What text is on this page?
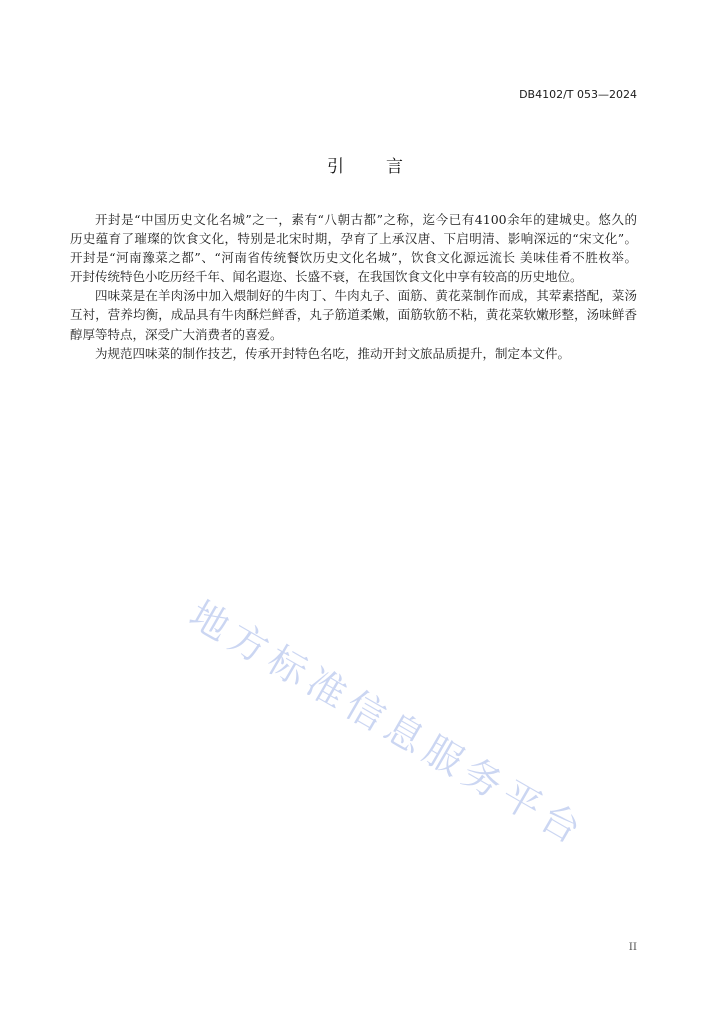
DB4102/T 053—2024
引言
开封是“中国历史文化名城”之一，素有“八朝古都”之称，迄今已有4100余年的建城史。悠久的
历史蕴育了璀璨的饮食文化，特别是北宋时期，孕育了上承汉唐、下启明清、影响深远的“宋文化”。
开封是“河南豫菜之都”、“河南省传统餐饮历史文化名城”，饮食文化源远流长 美味佳肴不胜枚举。
开封传统特色小吃历经千年、闻名遐迩、长盛不衰，在我国饮食文化中享有较高的历史地位。
四味菜是在羊肉汤中加入煨制好的牛肉丁、牛肉丸子、面筋、黄花菜制作而成，其荤素搭配，菜汤
互衬，营养均衡，成品具有牛肉酥烂鲜香，丸子筋道柔嫩，面筋软筋不粘，黄花菜软嫩形整，汤味鲜香
醇厚等特点，深受广大消费者的喜爱。
为规范四味菜的制作技艺，传承开封特色名吃，推动开封文旅品质提升，制定本文件。
地方标准信息服务平台
II
